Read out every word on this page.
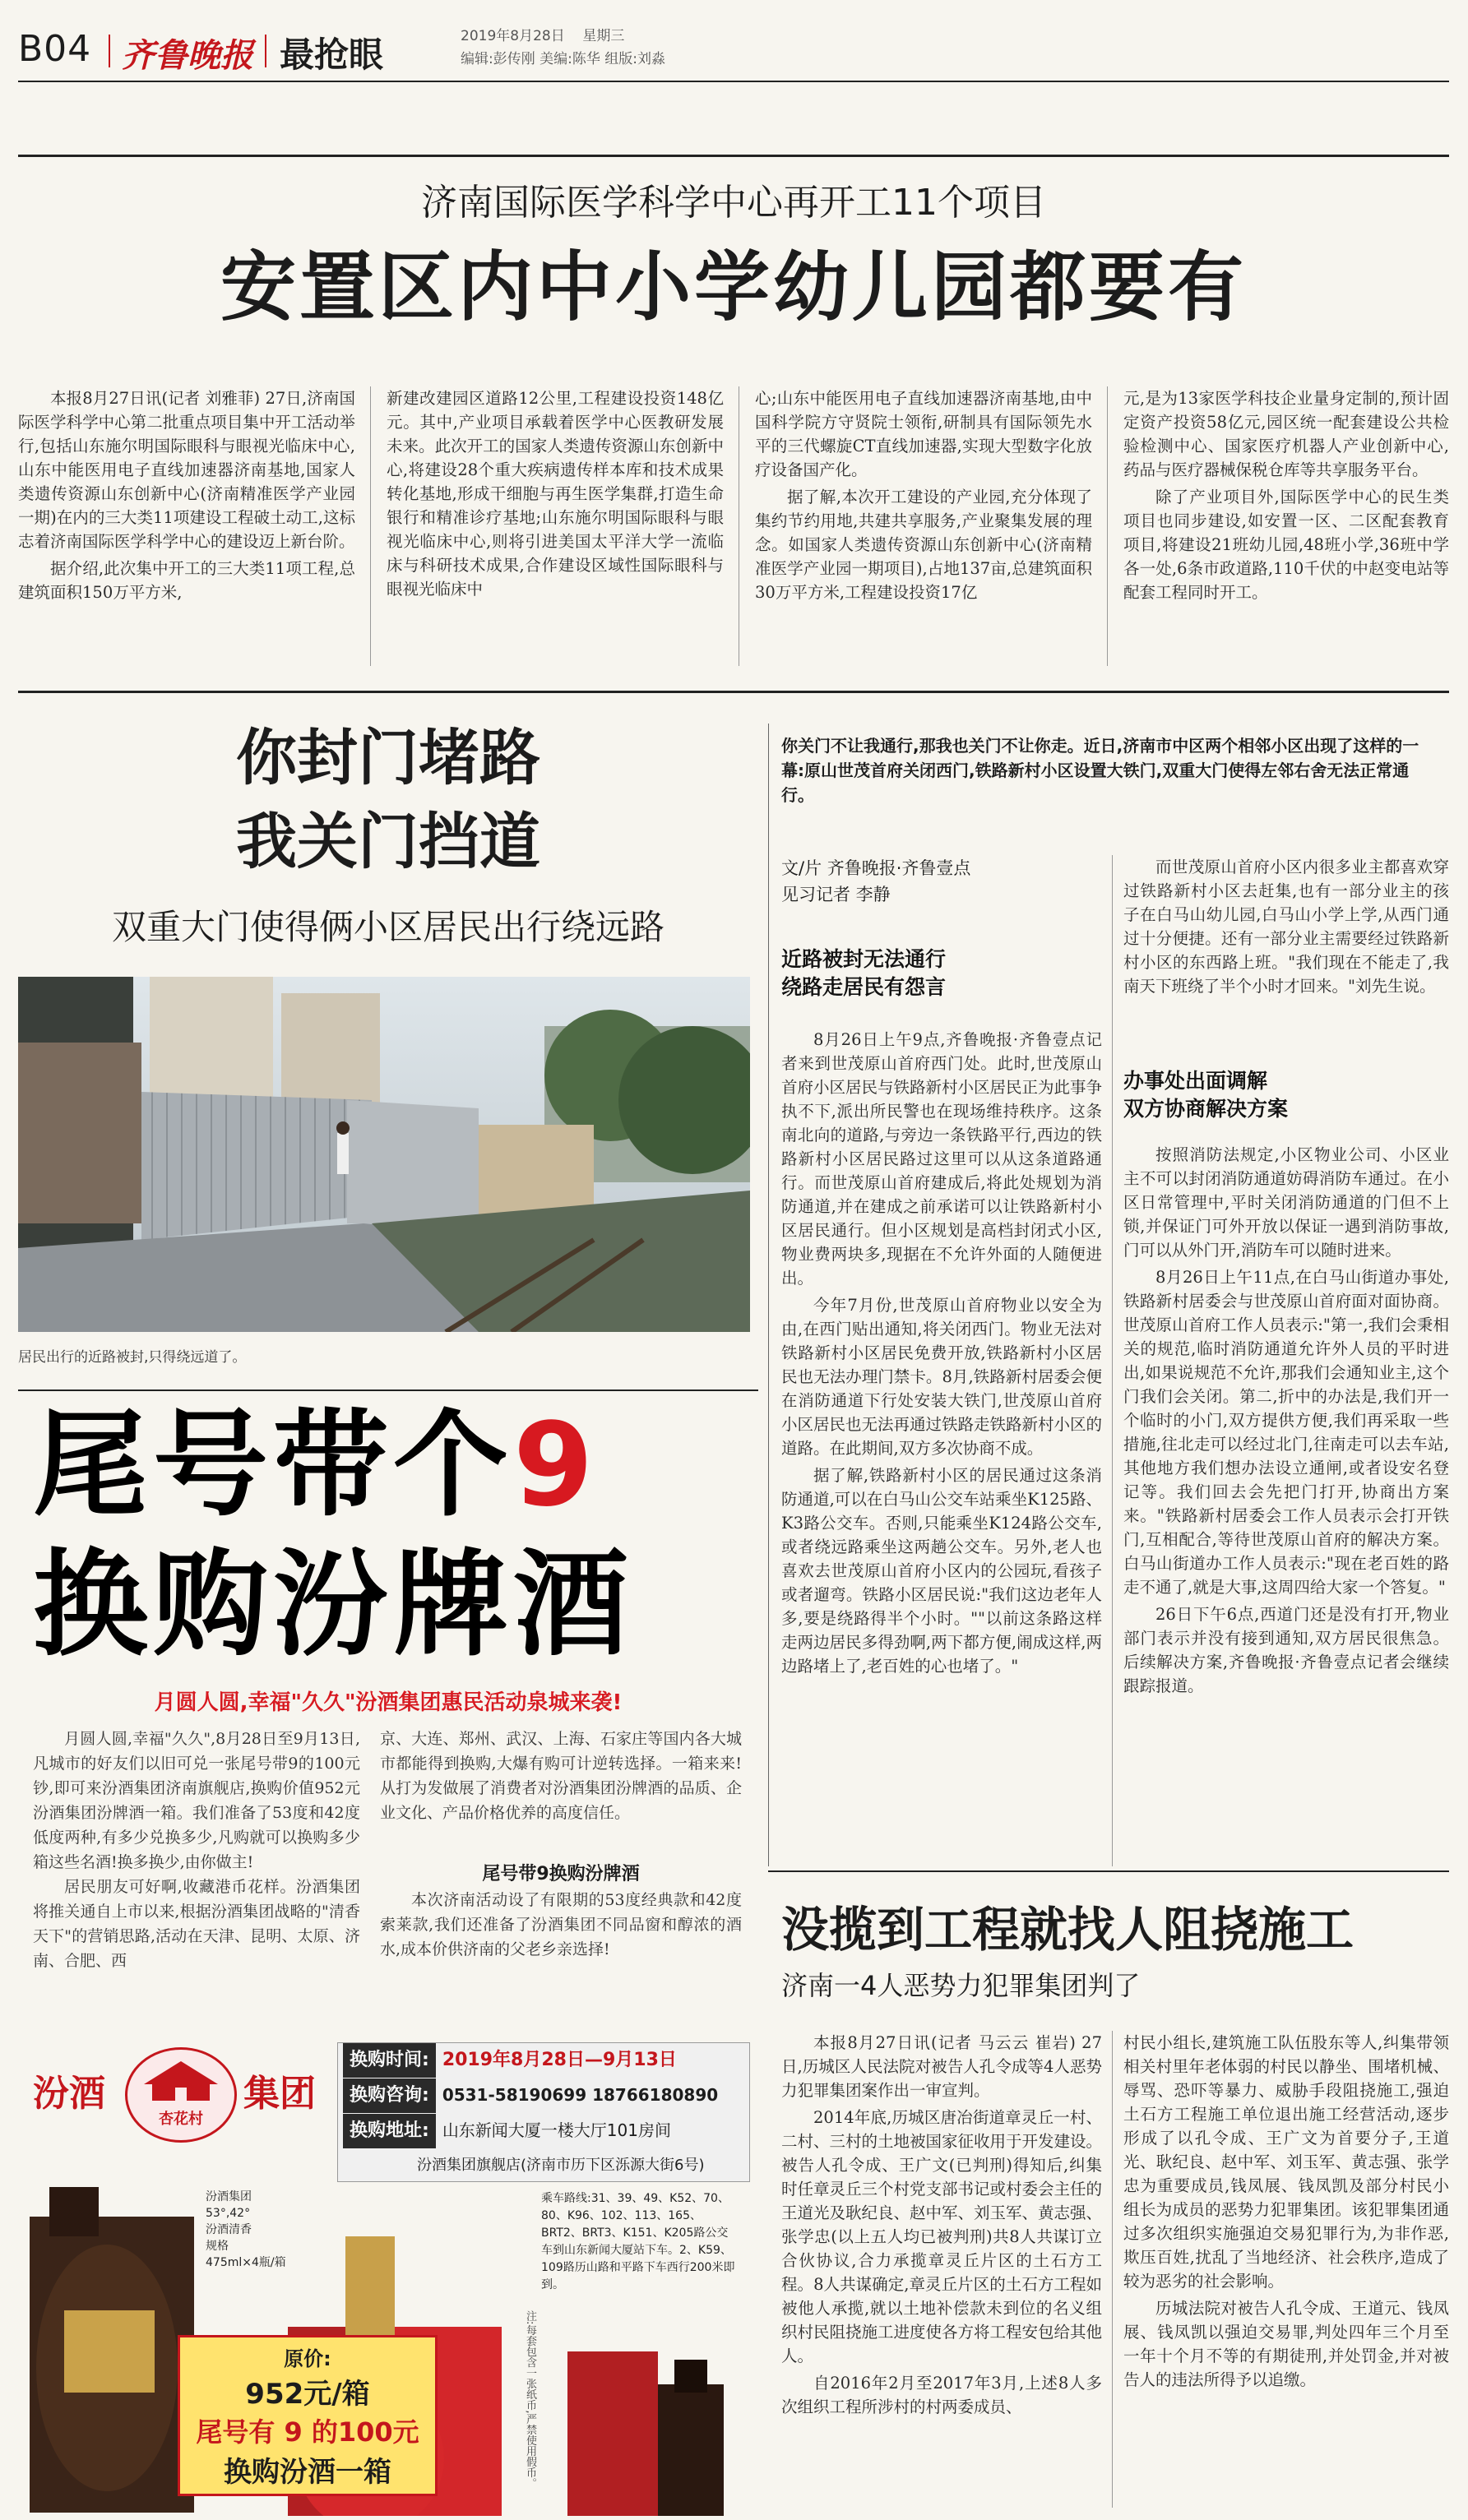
B04 齐鲁晚报 最抢眼	2019年8月28日 星期三
编辑:彭传刚 美编:陈华 组版:刘淼
济南国际医学科学中心再开工11个项目
安置区内中小学幼儿园都要有

本报8月27日讯(记者 刘雅菲) 27日,济南国际医学科学中心第二批重点项目集中开工活动举行,包括山东施尔明国际眼科与眼视光临床中心,山东中能医用电子直线加速器济南基地,国家人类遗传资源山东创新中心(济南精准医学产业园一期)在内的三大类11项建设工程破土动工,这标志着济南国际医学科学中心的建设迈上新台阶。

据介绍,此次集中开工的三大类11项工程,总建筑面积150万平方米,

新建改建园区道路12公里,工程建设投资148亿元。其中,产业项目承载着医学中心医教研发展未来。此次开工的国家人类遗传资源山东创新中心,将建设28个重大疾病遗传样本库和技术成果转化基地,形成干细胞与再生医学集群,打造生命银行和精准诊疗基地;山东施尔明国际眼科与眼视光临床中心,则将引进美国太平洋大学一流临床与科研技术成果,合作建设区域性国际眼科与眼视光临床中

心;山东中能医用电子直线加速器济南基地,由中国科学院方守贤院士领衔,研制具有国际领先水平的三代螺旋CT直线加速器,实现大型数字化放疗设备国产化。

据了解,本次开工建设的产业园,充分体现了集约节约用地,共建共享服务,产业聚集发展的理念。如国家人类遗传资源山东创新中心(济南精准医学产业园一期项目),占地137亩,总建筑面积30万平方米,工程建设投资17亿

元,是为13家医学科技企业量身定制的,预计固定资产投资58亿元,园区统一配套建设公共检验检测中心、国家医疗机器人产业创新中心,药品与医疗器械保税仓库等共享服务平台。

除了产业项目外,国际医学中心的民生类项目也同步建设,如安置一区、二区配套教育项目,将建设21班幼儿园,48班小学,36班中学各一处,6条市政道路,110千伏的中赵变电站等配套工程同时开工。

你封门堵路
我关门挡道
双重大门使得俩小区居民出行绕远路
你关门不让我通行,那我也关门不让你走。近日,济南市中区两个相邻小区出现了这样的一幕:原山世茂首府关闭西门,铁路新村小区设置大铁门,双重大门使得左邻右舍无法正常通行。
居民出行的近路被封,只得绕远道了。
文/片 齐鲁晚报·齐鲁壹点
见习记者 李静
近路被封无法通行
绕路走居民有怨言

8月26日上午9点,齐鲁晚报·齐鲁壹点记者来到世茂原山首府西门处。此时,世茂原山首府小区居民与铁路新村小区居民正为此事争执不下,派出所民警也在现场维持秩序。这条南北向的道路,与旁边一条铁路平行,西边的铁路新村小区居民路过这里可以从这条道路通行。而世茂原山首府建成后,将此处规划为消防通道,并在建成之前承诺可以让铁路新村小区居民通行。但小区规划是高档封闭式小区,物业费两块多,现据在不允许外面的人随便进出。

今年7月份,世茂原山首府物业以安全为由,在西门贴出通知,将关闭西门。物业无法对铁路新村小区居民免费开放,铁路新村小区居民也无法办理门禁卡。8月,铁路新村居委会便在消防通道下行处安装大铁门,世茂原山首府小区居民也无法再通过铁路走铁路新村小区的道路。在此期间,双方多次协商不成。

据了解,铁路新村小区的居民通过这条消防通道,可以在白马山公交车站乘坐K125路、K3路公交车。否则,只能乘坐K124路公交车,或者绕远路乘坐这两趟公交车。另外,老人也喜欢去世茂原山首府小区内的公园玩,看孩子或者遛弯。铁路小区居民说:"我们这边老年人多,要是绕路得半个小时。""以前这条路这样走两边居民多得劲啊,两下都方便,闹成这样,两边路堵上了,老百姓的心也堵了。"

而世茂原山首府小区内很多业主都喜欢穿过铁路新村小区去赶集,也有一部分业主的孩子在白马山幼儿园,白马山小学上学,从西门通过十分便捷。还有一部分业主需要经过铁路新村小区的东西路上班。"我们现在不能走了,我南天下班绕了半个小时才回来。"刘先生说。

办事处出面调解
双方协商解决方案

按照消防法规定,小区物业公司、小区业主不可以封闭消防通道妨碍消防车通过。在小区日常管理中,平时关闭消防通道的门但不上锁,并保证门可外开放以保证一遇到消防事故,门可以从外门开,消防车可以随时进来。

8月26日上午11点,在白马山街道办事处,铁路新村居委会与世茂原山首府面对面协商。世茂原山首府工作人员表示:"第一,我们会秉相关的规范,临时消防通道允许外人员的平时进出,如果说规范不允许,那我们会通知业主,这个门我们会关闭。第二,折中的办法是,我们开一个临时的小门,双方提供方便,我们再采取一些措施,往北走可以经过北门,往南走可以去车站,其他地方我们想办法设立通闸,或者设安名登记等。我们回去会先把门打开,协商出方案来。"铁路新村居委会工作人员表示会打开铁门,互相配合,等待世茂原山首府的解决方案。白马山街道办工作人员表示:"现在老百姓的路走不通了,就是大事,这周四给大家一个答复。"

26日下午6点,西道门还是没有打开,物业部门表示并没有接到通知,双方居民很焦急。后续解决方案,齐鲁晚报·齐鲁壹点记者会继续跟踪报道。

尾号带个9
换购汾牌酒
月圆人圆,幸福"久久"汾酒集团惠民活动泉城来袭!

月圆人圆,幸福"久久",8月28日至9月13日,凡城市的好友们以旧可兑一张尾号带9的100元钞,即可来汾酒集团济南旗舰店,换购价值952元汾酒集团汾牌酒一箱。我们准备了53度和42度低度两种,有多少兑换多少,凡购就可以换购多少箱这些名酒!换多换少,由你做主!

居民朋友可好啊,收藏港币花样。汾酒集团将推关通自上市以来,根据汾酒集团战略的"清香天下"的营销思路,活动在天津、昆明、太原、济南、合肥、西

京、大连、郑州、武汉、上海、石家庄等国内各大城市都能得到换购,大爆有购可计逆转选择。一箱来来!从打为发做展了消费者对汾酒集团汾牌酒的品质、企业文化、产品价格优养的高度信任。

尾号带9换购汾牌酒

本次济南活动设了有限期的53度经典款和42度索莱款,我们还准备了汾酒集团不同品窗和醇浓的酒水,成本价供济南的父老乡亲选择!

汾酒
杏花村
集团
换购时间: 2019年8月28日—9月13日
换购咨询: 0531-58190699 18766180890
换购地址: 山东新闻大厦一楼大厅101房间
汾酒集团旗舰店(济南市历下区泺源大街6号)
汾酒集团
53°,42°
汾酒清香
规格
475ml×4瓶/箱
乘车路线:31、39、49、K52、70、80、K96、102、113、165、BRT2、BRT3、K151、K205路公交车到山东新闻大厦站下车。2、K59、109路历山路和平路下车西行200米即到。
原价:
952元/箱
尾号有 9 的100元
换购汾酒一箱	注:每套包含一张纸币,严禁使用假币。
没揽到工程就找人阻挠施工
济南一4人恶势力犯罪集团判了

本报8月27日讯(记者 马云云 崔岩) 27日,历城区人民法院对被告人孔令成等4人恶势力犯罪集团案作出一审宣判。

2014年底,历城区唐冶街道章灵丘一村、二村、三村的土地被国家征收用于开发建设。被告人孔令成、王广文(已判刑)得知后,纠集时任章灵丘三个村党支部书记或村委会主任的王道光及耿纪良、赵中军、刘玉军、黄志强、张学忠(以上五人均已被判刑)共8人共谋订立合伙协议,合力承揽章灵丘片区的土石方工程。8人共谋确定,章灵丘片区的土石方工程如被他人承揽,就以土地补偿款未到位的名义组织村民阻挠施工进度使各方将工程安包给其他人。

自2016年2月至2017年3月,上述8人多次组织工程所涉村的村两委成员、

村民小组长,建筑施工队伍股东等人,纠集带领相关村里年老体弱的村民以静坐、围堵机械、辱骂、恐吓等暴力、威胁手段阻挠施工,强迫土石方工程施工单位退出施工经营活动,逐步形成了以孔令成、王广文为首要分子,王道光、耿纪良、赵中军、刘玉军、黄志强、张学忠为重要成员,钱凤展、钱凤凯及部分村民小组长为成员的恶势力犯罪集团。该犯罪集团通过多次组织实施强迫交易犯罪行为,为非作恶,欺压百姓,扰乱了当地经济、社会秩序,造成了较为恶劣的社会影响。

历城法院对被告人孔令成、王道元、钱凤展、钱凤凯以强迫交易罪,判处四年三个月至一年十个月不等的有期徒刑,并处罚金,并对被告人的违法所得予以追缴。
